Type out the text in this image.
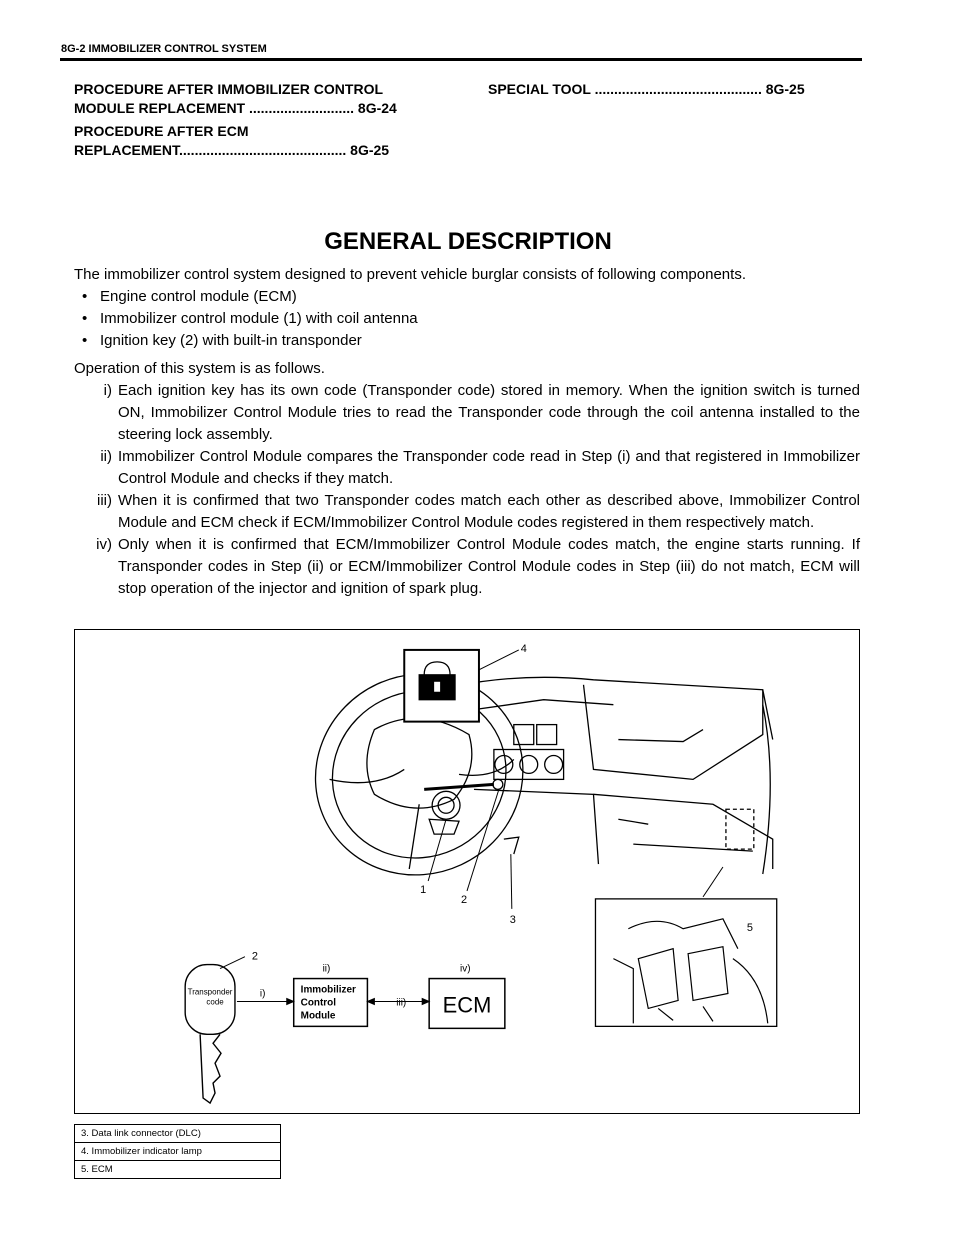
8G-2 IMMOBILIZER CONTROL SYSTEM
PROCEDURE AFTER IMMOBILIZER CONTROL
MODULE REPLACEMENT ........................... 8G-24
PROCEDURE AFTER ECM
REPLACEMENT........................................... 8G-25
SPECIAL TOOL ........................................... 8G-25
GENERAL DESCRIPTION
The immobilizer control system designed to prevent vehicle burglar consists of following components.
• Engine control module (ECM)
• Immobilizer control module (1) with coil antenna
• Ignition key (2) with built-in transponder
Operation of this system is as follows.
i) Each ignition key has its own code (Transponder code) stored in memory. When the ignition switch is turned ON, Immobilizer Control Module tries to read the Transponder code through the coil antenna installed to the steering lock assembly.
ii) Immobilizer Control Module compares the Transponder code read in Step (i) and that registered in Immobilizer Control Module and checks if they match.
iii) When it is confirmed that two Transponder codes match each other as described above, Immobilizer Control Module and ECM check if ECM/Immobilizer Control Module codes registered in them respectively match.
iv) Only when it is confirmed that ECM/Immobilizer Control Module codes match, the engine starts running. If Transponder codes in Step (ii) or ECM/Immobilizer Control Module codes in Step (iii) do not match, ECM will stop operation of the injector and ignition of spark plug.
Transponder
code
Immobilizer
Control
Module	ECM
i)
ii)
iii)
iv)
1
2
3
4
5
2
3. Data link connector (DLC)
4. Immobilizer indicator lamp
5. ECM
